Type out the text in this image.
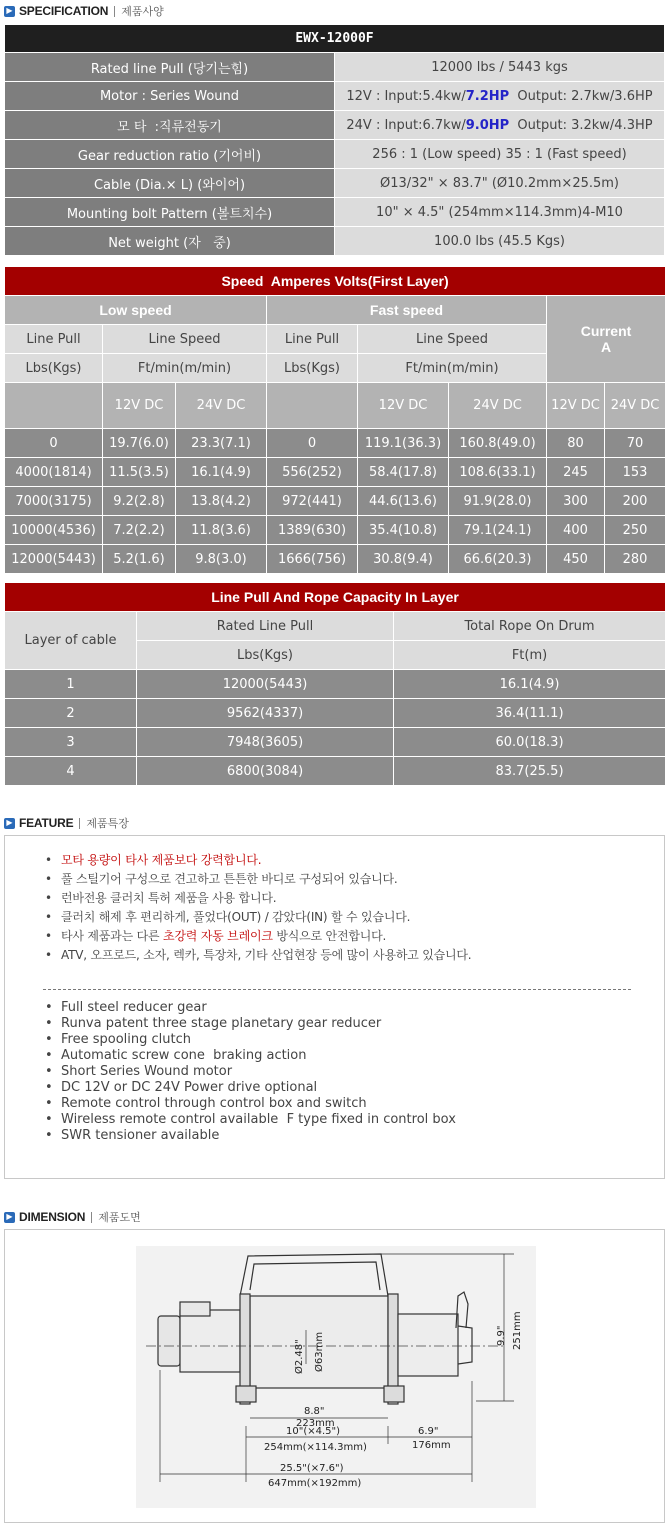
▶ SPECIFICATION	제품사양
EWX-12000F	
Rated line Pull (당기는힘)	12000 lbs / 5443 kgs
Motor : Series Wound	12V : Input:5.4kw/7.2HP  Output: 2.7kw/3.6HP
모 타  :직류전동기	24V : Input:6.7kw/9.0HP  Output: 3.2kw/4.3HP
Gear reduction ratio (기어비)	256 : 1 (Low speed) 35 : 1 (Fast speed)
Cable (Dia.× L) (와이어)	Ø13/32" × 83.7" (Ø10.2mm×25.5m)
Mounting bolt Pattern (볼트치수)	10" × 4.5" (254mm×114.3mm)4-M10
Net weight (자   중)	100.0 lbs (45.5 Kgs)
Speed  Amperes Volts(First Layer)							
Low speed			Fast speed			Current
A	
Line Pull	Line Speed		Line Pull	Line Speed			
Lbs(Kgs)	Ft/min(m/min)		Lbs(Kgs)	Ft/min(m/min)			
	12V DC	24V DC		12V DC	24V DC	12V DC	24V DC
0	19.7(6.0)	23.3(7.1)	0	119.1(36.3)	160.8(49.0)	80	70
4000(1814)	11.5(3.5)	16.1(4.9)	556(252)	58.4(17.8)	108.6(33.1)	245	153
7000(3175)	9.2(2.8)	13.8(4.2)	972(441)	44.6(13.6)	91.9(28.0)	300	200
10000(4536)	7.2(2.2)	11.8(3.6)	1389(630)	35.4(10.8)	79.1(24.1)	400	250
12000(5443)	5.2(1.6)	9.8(3.0)	1666(756)	30.8(9.4)	66.6(20.3)	450	280
Line Pull And Rope Capacity In Layer		
Layer of cable	Rated Line Pull	Total Rope On Drum
	Lbs(Kgs)	Ft(m)
1	12000(5443)	16.1(4.9)
2	9562(4337)	36.4(11.1)
3	7948(3605)	60.0(18.3)
4	6800(3084)	83.7(25.5)
▶ FEATURE	제품특장
• 모타 용량이 타사 제품보다 강력합니다.
• 풀 스틸기어 구성으로 견고하고 튼튼한 바디로 구성되어 있습니다.
• 런바전용 클러치 특허 제품을 사용 합니다.
• 클러치 해제 후 편리하게, 풀었다(OUT) / 감았다(IN) 할 수 있습니다.
• 타사 제품과는 다른 초강력 자동 브레이크 방식으로 안전합니다.
• ATV, 오프로드, 소자, 렉카, 특장차, 기타 산업현장 등에 많이 사용하고 있습니다.
• Full steel reducer gear
• Runva patent three stage planetary gear reducer
• Free spooling clutch
• Automatic screw cone  braking action
• Short Series Wound motor
• DC 12V or DC 24V Power drive optional
• Remote control through control box and switch
• Wireless remote control available  F type fixed in control box
• SWR tensioner available
▶ DIMENSION	제품도면
Ø2.48" Ø63mm
8.8"
223mm
10"(×4.5")
254mm(×114.3mm)
6.9"
176mm
25.5"(×7.6")
647mm(×192mm)
9.9" 251mm
